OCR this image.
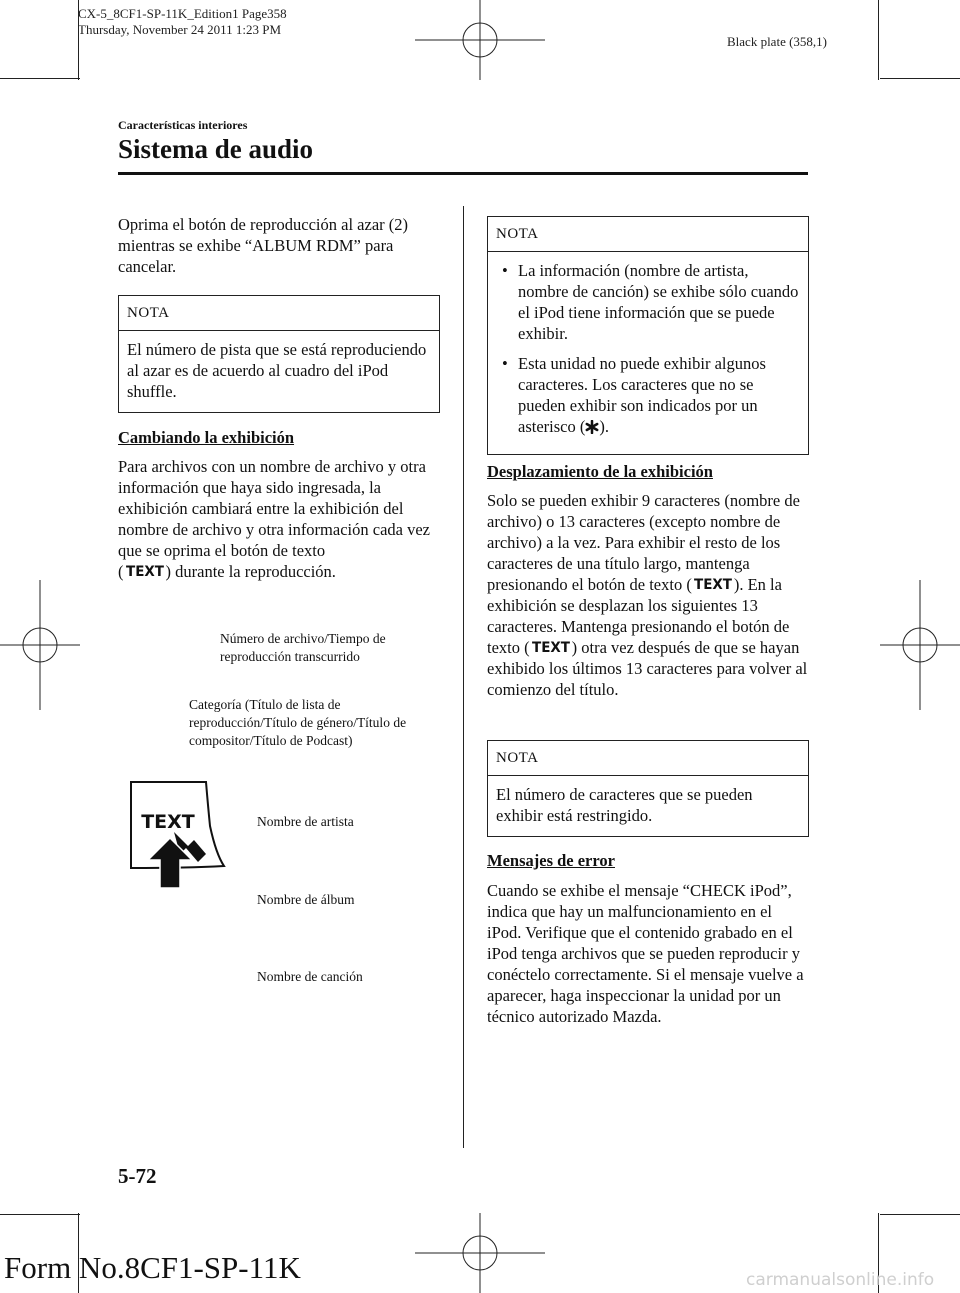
CX-5_8CF1-SP-11K_Edition1 Page358
Thursday, November 24 2011 1:23 PM
Black plate (358,1)
Características interiores
Sistema de audio
Oprima el botón de reproducción al azar (2) mientras se exhibe “ALBUM RDM” para cancelar.
NOTA
El número de pista que se está reproduciendo al azar es de acuerdo al cuadro del iPod shuffle.
Cambiando la exhibición
Para archivos con un nombre de archivo y otra información que haya sido ingresada, la exhibición cambiará entre la exhibición del nombre de archivo y otra información cada vez que se oprima el botón de texto
( TEXT ) durante la reproducción.
Número de archivo/Tiempo de reproducción transcurrido
Categoría (Título de lista de reproducción/Título de género/Título de compositor/Título de Podcast)
TEXT	Nombre de artista
Nombre de álbum
Nombre de canción
NOTA
• La información (nombre de artista, nombre de canción) se exhibe sólo cuando el iPod tiene información que se puede exhibir.
• Esta unidad no puede exhibir algunos caracteres. Los caracteres que no se pueden exhibir son indicados por un asterisco ( ).
Desplazamiento de la exhibición
Solo se pueden exhibir 9 caracteres (nombre de archivo) o 13 caracteres (excepto nombre de archivo) a la vez. Para exhibir el resto de los caracteres de una título largo, mantenga presionando el botón de texto ( TEXT ). En la exhibición se desplazan los siguientes 13 caracteres. Mantenga presionando el botón de texto ( TEXT ) otra vez después de que se hayan exhibido los últimos 13 caracteres para volver al comienzo del título.
NOTA
El número de caracteres que se pueden exhibir está restringido.
Mensajes de error
Cuando se exhibe el mensaje “CHECK iPod”, indica que hay un malfuncionamiento en el iPod. Verifique que el contenido grabado en el iPod tenga archivos que se pueden reproducir y conéctelo correctamente. Si el mensaje vuelve a aparecer, haga inspeccionar la unidad por un técnico autorizado Mazda.
5-72
Form No.8CF1-SP-11K	carmanualsonline.info
